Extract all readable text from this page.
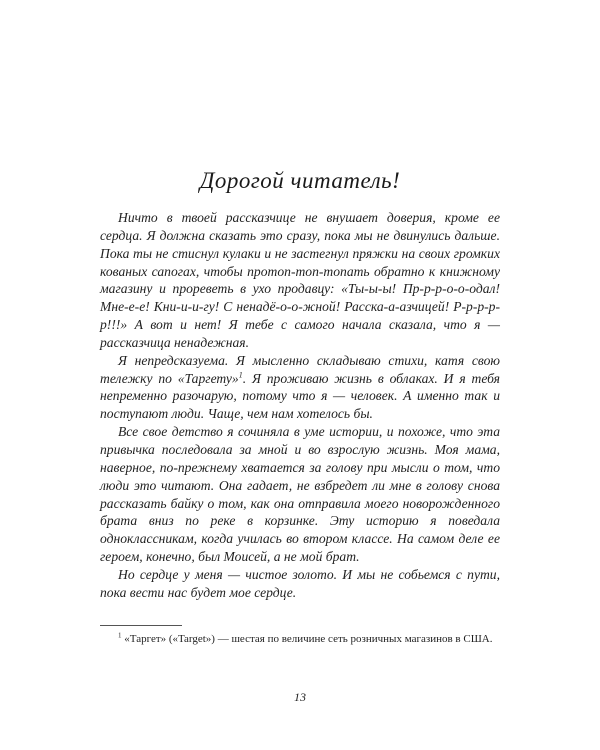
Дорогой читатель!

Ничто в твоей рассказчице не внушает доверия, кроме ее сердца. Я должна сказать это сразу, пока мы не двинулись дальше. Пока ты не стиснул кулаки и не застегнул пряжки на своих громких кованых сапогах, чтобы протоп-топ-топать обратно к книжному магазину и прореветь в ухо продавцу: «Ты-ы-ы! Пр-р-р-о-о-одал! Мне-е-е! Кни-и-и-гу! С ненадё-о-о-жной! Расска-а-азчицей! Р-р-р-р-р!!!» А вот и нет! Я тебе с самого начала сказала, что я — рассказчица ненадежная.

Я непредсказуема. Я мысленно складываю стихи, катя свою тележку по «Таргету»$^1$. Я проживаю жизнь в облаках. И я тебя непременно разочарую, потому что я — человек. А именно так и поступают люди. Чаще, чем нам хотелось бы.

Все свое детство я сочиняла в уме истории, и похоже, что эта привычка последовала за мной и во взрослую жизнь. Моя мама, наверное, по-прежнему хватается за голову при мысли о том, что люди это читают. Она гадает, не взбредет ли мне в голову снова рассказать байку о том, как она отправила моего новорожденного брата вниз по реке в корзинке. Эту историю я поведала одноклассникам, когда училась во втором классе. На самом деле ее героем, конечно, был Моисей, а не мой брат.

Но сердце у меня — чистое золото. И мы не собьемся с пути, пока вести нас будет мое сердце.

$^1$ «Таргет» («Target») — шестая по величине сеть розничных магазинов в США.
13
